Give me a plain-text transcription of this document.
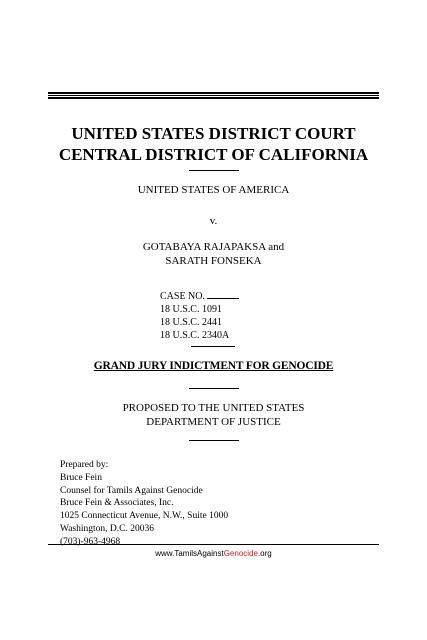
UNITED STATES DISTRICT COURT
CENTRAL DISTRICT OF CALIFORNIA
UNITED STATES OF AMERICA
v.
GOTABAYA RAJAPAKSA and
SARATH FONSEKA
CASE NO.
18 U.S.C. 1091
18 U.S.C. 2441
18 U.S.C. 2340A
GRAND JURY INDICTMENT FOR GENOCIDE
PROPOSED TO THE UNITED STATES
DEPARTMENT OF JUSTICE
Prepared by:
Bruce Fein
Counsel for Tamils Against Genocide
Bruce Fein & Associates, Inc.
1025 Connecticut Avenue, N.W., Suite 1000
Washington, D.C. 20036
(703)-963-4968
www.TamilsAgainstGenocide.org
